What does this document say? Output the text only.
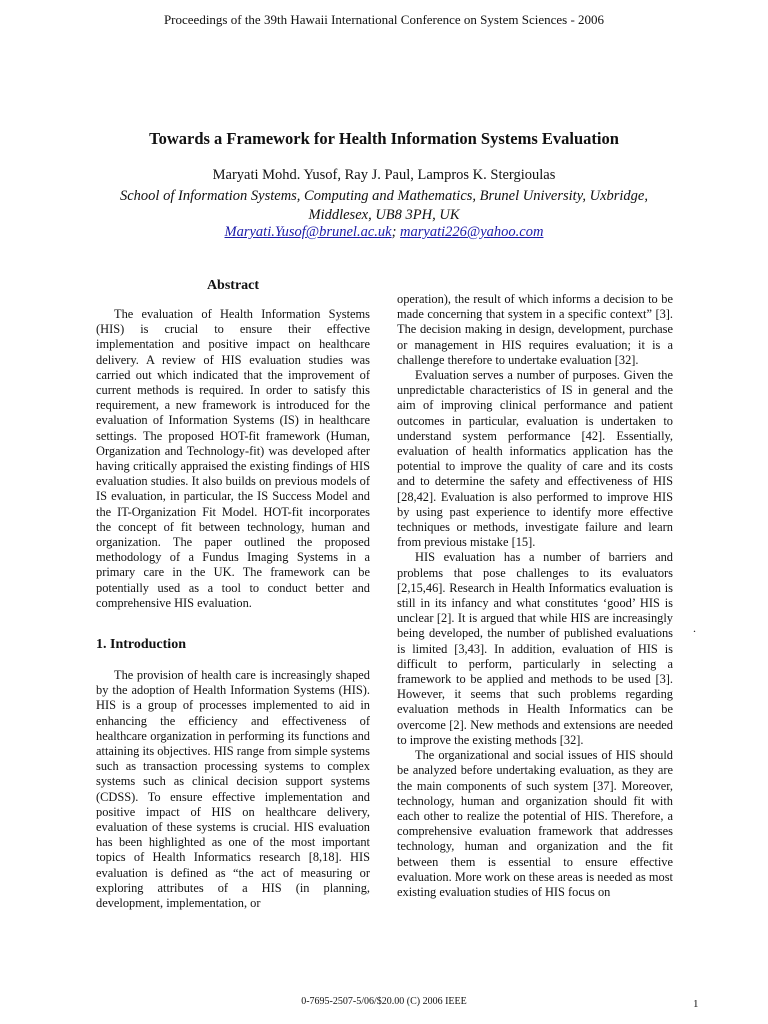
Proceedings of the 39th Hawaii International Conference on System Sciences - 2006
Towards a Framework for Health Information Systems Evaluation
Maryati Mohd. Yusof, Ray J. Paul, Lampros K. Stergioulas
School of Information Systems, Computing and Mathematics, Brunel University, Uxbridge, Middlesex, UB8 3PH, UK
Maryati.Yusof@brunel.ac.uk; maryati226@yahoo.com
Abstract

The evaluation of Health Information Systems (HIS) is crucial to ensure their effective implementation and positive impact on healthcare delivery. A review of HIS evaluation studies was carried out which indicated that the improvement of current methods is required. In order to satisfy this requirement, a new framework is introduced for the evaluation of Information Systems (IS) in healthcare settings. The proposed HOT-fit framework (Human, Organization and Technology-fit) was developed after having critically appraised the existing findings of HIS evaluation studies. It also builds on previous models of IS evaluation, in particular, the IS Success Model and the IT-Organization Fit Model. HOT-fit incorporates the concept of fit between technology, human and organization. The paper outlined the proposed methodology of a Fundus Imaging Systems in a primary care in the UK. The framework can be potentially used as a tool to conduct better and comprehensive HIS evaluation.

1. Introduction

The provision of health care is increasingly shaped by the adoption of Health Information Systems (HIS). HIS is a group of processes implemented to aid in enhancing the efficiency and effectiveness of healthcare organization in performing its functions and attaining its objectives. HIS range from simple systems such as transaction processing systems to complex systems such as clinical decision support systems (CDSS). To ensure effective implementation and positive impact of HIS on healthcare delivery, evaluation of these systems is crucial. HIS evaluation has been highlighted as one of the most important topics of Health Informatics research [8,18]. HIS evaluation is defined as “the act of measuring or exploring attributes of a HIS (in planning, development, implementation, or

operation), the result of which informs a decision to be made concerning that system in a specific context” [3]. The decision making in design, development, purchase or management in HIS requires evaluation; it is a challenge therefore to undertake evaluation [32].

Evaluation serves a number of purposes. Given the unpredictable characteristics of IS in general and the aim of improving clinical performance and patient outcomes in particular, evaluation is undertaken to understand system performance [42]. Essentially, evaluation of health informatics application has the potential to improve the quality of care and its costs and to determine the safety and effectiveness of HIS [28,42]. Evaluation is also performed to improve HIS by using past experience to identify more effective techniques or methods, investigate failure and learn from previous mistake [15].

HIS evaluation has a number of barriers and problems that pose challenges to its evaluators [2,15,46]. Research in Health Informatics evaluation is still in its infancy and what constitutes ‘good’ HIS is unclear [2]. It is argued that while HIS are increasingly being developed, the number of published evaluations is limited [3,43]. In addition, evaluation of HIS is difficult to perform, particularly in selecting a framework to be applied and methods to be used [3]. However, it seems that such problems regarding evaluation methods in Health Informatics can be overcome [2]. New methods and extensions are needed to improve the existing methods [32].

The organizational and social issues of HIS should be analyzed before undertaking evaluation, as they are the main components of such system [37]. Moreover, technology, human and organization should fit with each other to realize the potential of HIS. Therefore, a comprehensive evaluation framework that addresses technology, human and organization and the fit between them is essential to ensure effective evaluation. More work on these areas is needed as most existing evaluation studies of HIS focus on

.
0-7695-2507-5/06/$20.00 (C) 2006 IEEE	1
